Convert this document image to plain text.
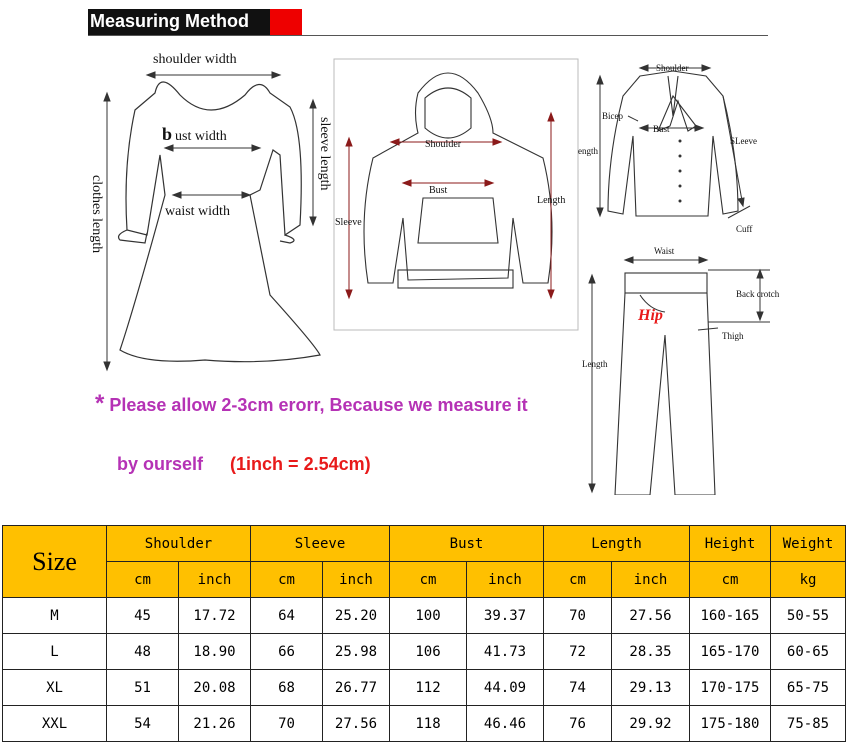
Measuring Method
shoulder width
b ust width
waist width
sleeve length
clothes length
Shoulder
Bust
Length
Sleeve
Shoulder
Bicep
Bust
ength
SLeeve
Cuff
Waist
Back crotch
Hip
Thigh
Length
* Please allow 2-3cm erorr, Because we measure it
by ourself (1inch = 2.54cm)
Size	Shoulder		Sleeve		Bust		Length		Height	Weight
	cm	inch	cm	inch	cm	inch	cm	inch	cm	kg
M	45	17.72	64	25.20	100	39.37	70	27.56	160-165	50-55
L	48	18.90	66	25.98	106	41.73	72	28.35	165-170	60-65
XL	51	20.08	68	26.77	112	44.09	74	29.13	170-175	65-75
XXL	54	21.26	70	27.56	118	46.46	76	29.92	175-180	75-85
